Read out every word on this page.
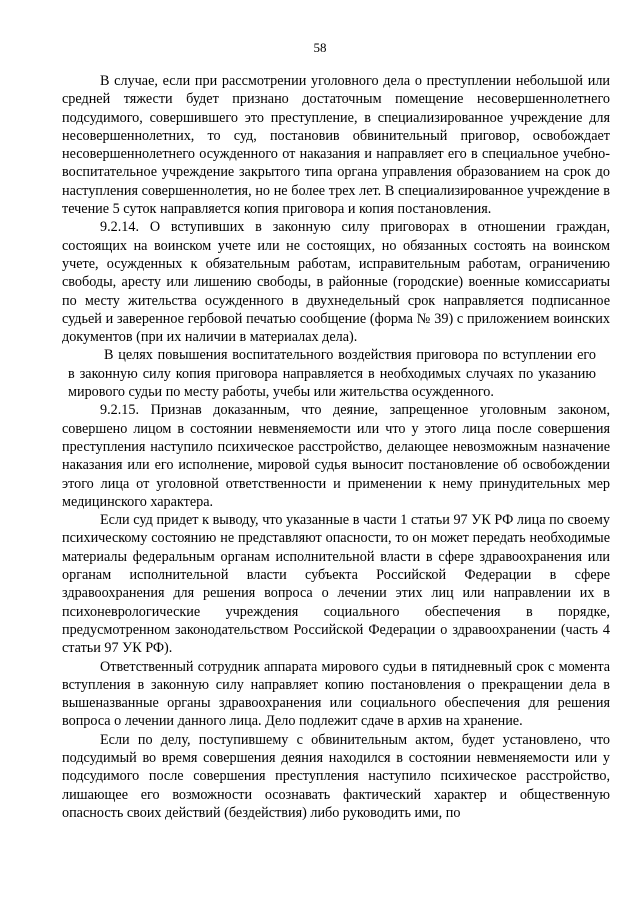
58

В случае, если при рассмотрении уголовного дела о преступлении небольшой или средней тяжести будет признано достаточным помещение несовершеннолетнего подсудимого, совершившего это преступление, в специализированное учреждение для несовершеннолетних, то суд, постановив обвинительный приговор, освобождает несовершеннолетнего осужденного от наказания и направляет его в специальное учебно-воспитательное учреждение закрытого типа органа управления образованием на срок до наступления совершеннолетия, но не более трех лет. В специализированное учреждение в течение 5 суток направляется копия приговора и копия постановления.

9.2.14. О вступивших в законную силу приговорах в отношении граждан, состоящих на воинском учете или не состоящих, но обязанных состоять на воинском учете, осужденных к обязательным работам, исправительным работам, ограничению свободы, аресту или лишению свободы, в районные (городские) военные комиссариаты по месту жительства осужденного в двухнедельный срок направляется подписанное судьей и заверенное гербовой печатью сообщение (форма № 39) с приложением воинских документов (при их наличии в материалах дела).

В целях повышения воспитательного воздействия приговора по вступлении его в законную силу копия приговора направляется в необходимых случаях по указанию мирового судьи по месту работы, учебы или жительства осужденного.

9.2.15. Признав доказанным, что деяние, запрещенное уголовным законом, совершено лицом в состоянии невменяемости или что у этого лица после совершения преступления наступило психическое расстройство, делающее невозможным назначение наказания или его исполнение, мировой судья выносит постановление об освобождении этого лица от уголовной ответственности и применении к нему принудительных мер медицинского характера.

Если суд придет к выводу, что указанные в части 1 статьи 97 УК РФ лица по своему психическому состоянию не представляют опасности, то он может передать необходимые материалы федеральным органам исполнительной власти в сфере здравоохранения или органам исполнительной власти субъекта Российской Федерации в сфере здравоохранения для решения вопроса о лечении этих лиц или направлении их в психоневрологические учреждения социального обеспечения в порядке, предусмотренном законодательством Российской Федерации о здравоохранении (часть 4 статьи 97 УК РФ).

Ответственный сотрудник аппарата мирового судьи в пятидневный срок с момента вступления в законную силу направляет копию постановления о прекращении дела в вышеназванные органы здравоохранения или социального обеспечения для решения вопроса о лечении данного лица. Дело подлежит сдаче в архив на хранение.

Если по делу, поступившему с обвинительным актом, будет установлено, что подсудимый во время совершения деяния находился в состоянии невменяемости или у подсудимого после совершения преступления наступило психическое расстройство, лишающее его возможности осознавать фактический характер и общественную опасность своих действий (бездействия) либо руководить ими, по
